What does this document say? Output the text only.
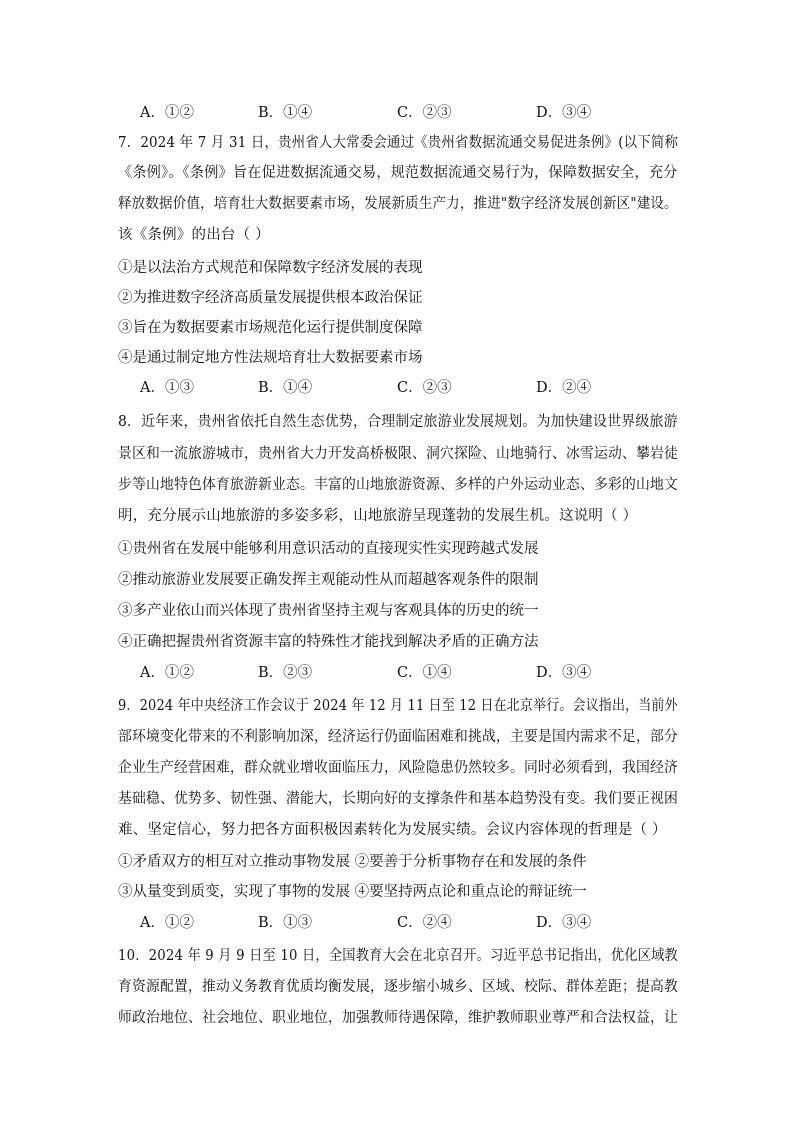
A．①②	B．①④	C．②③	D．③④
7．2024 年 7 月 31 日，贵州省人大常委会通过《贵州省数据流通交易促进条例》(以下简称
《条例》。《条例》旨在促进数据流通交易，规范数据流通交易行为，保障数据安全，充分
释放数据价值，培育壮大数据要素市场，发展新质生产力，推进"数字经济发展创新区"建设。
该《条例》的出台（ ）
①是以法治方式规范和保障数字经济发展的表现
②为推进数字经济高质量发展提供根本政治保证
③旨在为数据要素市场规范化运行提供制度保障
④是通过制定地方性法规培育壮大数据要素市场
A．①③	B．①④	C．②③	D．②④
8．近年来，贵州省依托自然生态优势，合理制定旅游业发展规划。为加快建设世界级旅游
景区和一流旅游城市，贵州省大力开发高桥极限、洞穴探险、山地骑行、冰雪运动、攀岩徒
步等山地特色体育旅游新业态。丰富的山地旅游资源、多样的户外运动业态、多彩的山地文
明，充分展示山地旅游的多姿多彩，山地旅游呈现蓬勃的发展生机。这说明（ ）
①贵州省在发展中能够利用意识活动的直接现实性实现跨越式发展
②推动旅游业发展要正确发挥主观能动性从而超越客观条件的限制
③多产业依山而兴体现了贵州省坚持主观与客观具体的历史的统一
④正确把握贵州省资源丰富的特殊性才能找到解决矛盾的正确方法
A．①②	B．②③	C．①④	D．③④
9．2024 年中央经济工作会议于 2024 年 12 月 11 日至 12 日在北京举行。会议指出，当前外
部环境变化带来的不利影响加深，经济运行仍面临困难和挑战，主要是国内需求不足，部分
企业生产经营困难，群众就业增收面临压力，风险隐患仍然较多。同时必须看到，我国经济
基础稳、优势多、韧性强、潜能大，长期向好的支撑条件和基本趋势没有变。我们要正视困
难、坚定信心，努力把各方面积极因素转化为发展实绩。会议内容体现的哲理是（ ）
①矛盾双方的相互对立推动事物发展 ②要善于分析事物存在和发展的条件
③从量变到质变，实现了事物的发展 ④要坚持两点论和重点论的辩证统一
A．①②	B．①③	C．②④	D．③④
10．2024 年 9 月 9 日至 10 日，全国教育大会在北京召开。习近平总书记指出，优化区域教
育资源配置，推动义务教育优质均衡发展，逐步缩小城乡、区域、校际、群体差距；提高教
师政治地位、社会地位、职业地位，加强教师待遇保障，维护教师职业尊严和合法权益，让
